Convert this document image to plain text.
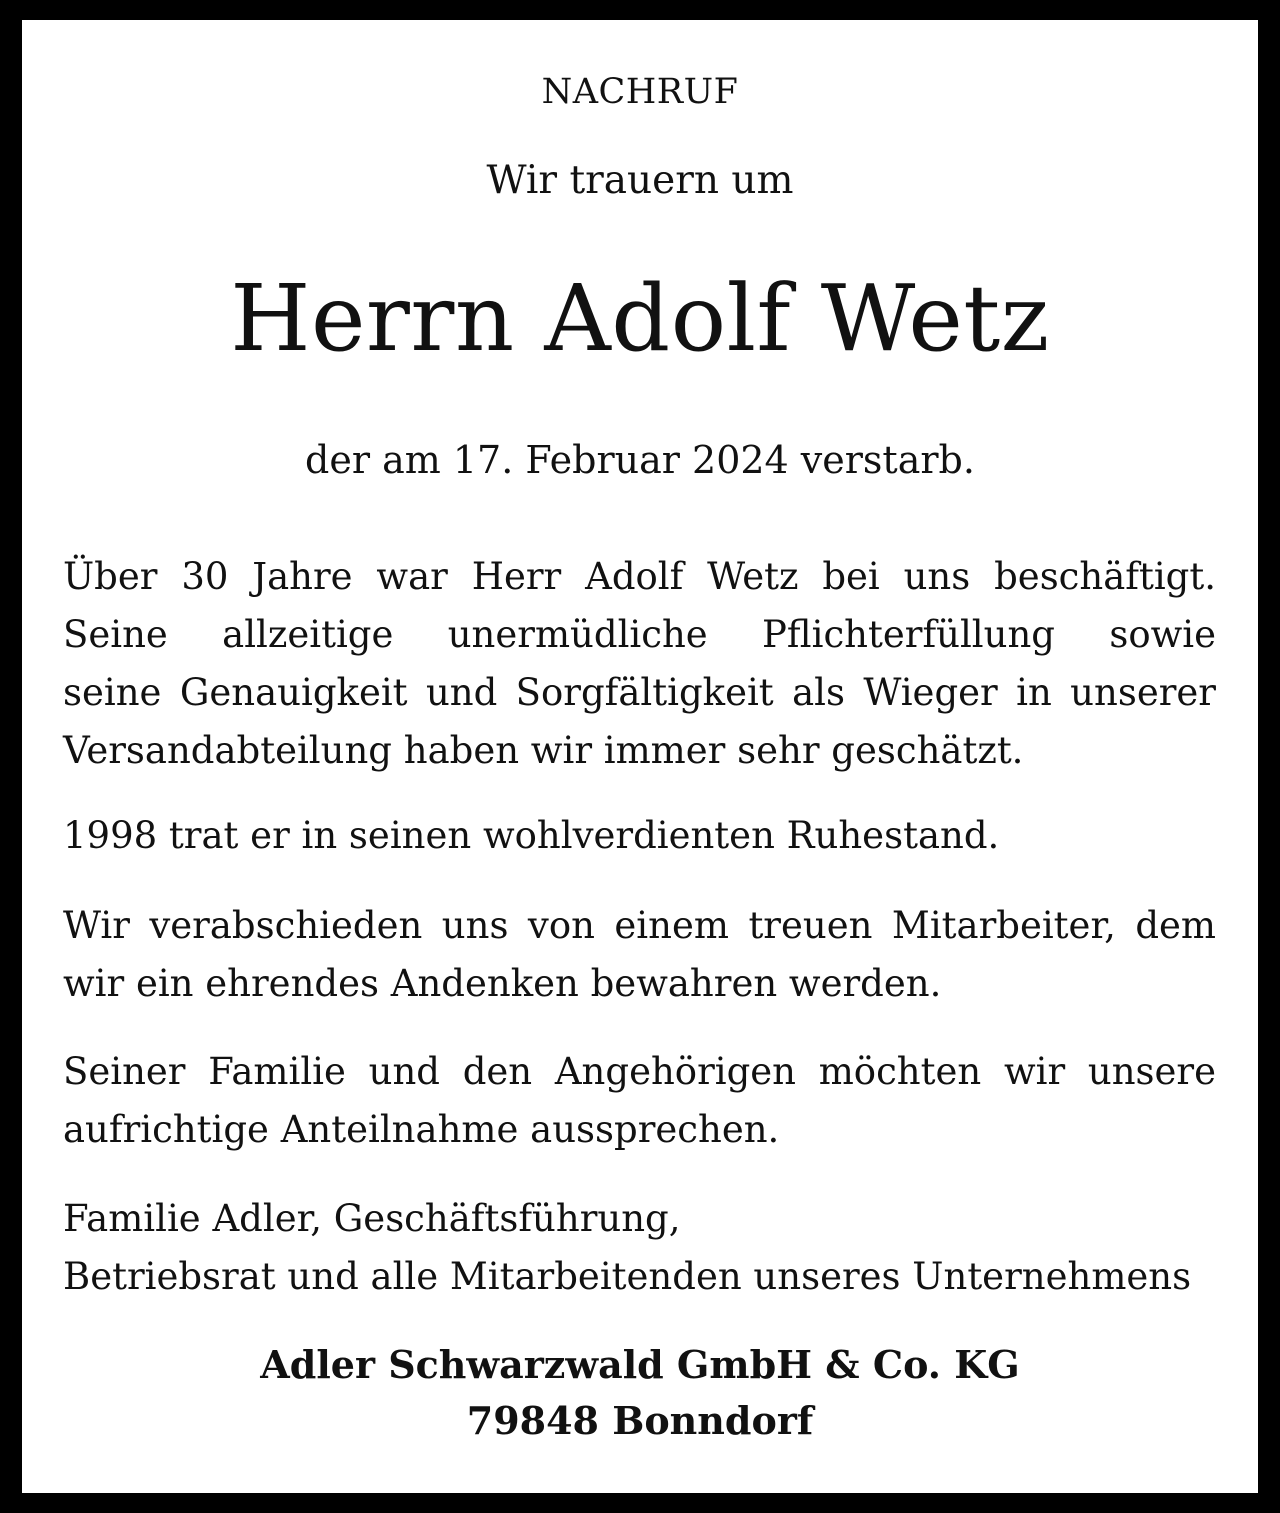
NACHRUF
Wir trauern um
Herrn Adolf Wetz
der am 17. Februar 2024 verstarb.
Über 30 Jahre war Herr Adolf Wetz bei uns beschäftigt.
Seine allzeitige unermüdliche Pflichterfüllung sowie
seine Genauigkeit und Sorgfältigkeit als Wieger in unserer
Versandabteilung haben wir immer sehr geschätzt.
1998 trat er in seinen wohlverdienten Ruhestand.
Wir verabschieden uns von einem treuen Mitarbeiter, dem
wir ein ehrendes Andenken bewahren werden.
Seiner Familie und den Angehörigen möchten wir unsere
aufrichtige Anteilnahme aussprechen.
Familie Adler, Geschäftsführung,
Betriebsrat und alle Mitarbeitenden unseres Unternehmens
Adler Schwarzwald GmbH & Co. KG
79848 Bonndorf
